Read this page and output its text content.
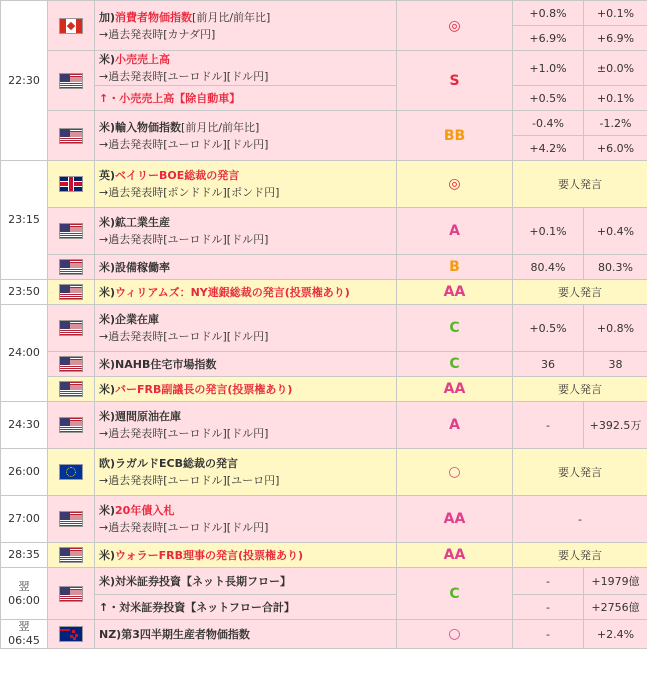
22:30		加)消費者物価指数[前月比/前年比]
→過去発表時[カナダ円]	◎	+0.8%	+0.1%
				+6.9%	+6.9%

		米)小売売上高
→過去発表時[ユーロドル][ドル円]	S	+1.0%	±0.0%
		↑・小売売上高【除自動車】		+0.5%	+0.1%

		米)輸入物価指数[前月比/前年比]
→過去発表時[ユーロドル][ドル円]	BB	-0.4%	-1.2%
				+4.2%	+6.0%
23:15		英)ベイリーBOE総裁の発言
→過去発表時[ポンドドル][ポンド円]	◎	要人発言	

		米)鉱工業生産
→過去発表時[ユーロドル][ドル円]	A	+0.1%	+0.4%

		米)設備稼働率	B	80.4%	80.3%
23:50		米)ウィリアムズ：NY連銀総裁の発言(投票権あり)	AA	要人発言	
24:00		米)企業在庫
→過去発表時[ユーロドル][ドル円]	C	+0.5%	+0.8%

		米)NAHB住宅市場指数	C	36	38

		米)バーFRB副議長の発言(投票権あり)	AA	要人発言	
24:30		米)週間原油在庫
→過去発表時[ユーロドル][ドル円]	A	-	+392.5万
26:00		欧)ラガルドECB総裁の発言
→過去発表時[ユーロドル][ユーロ円]	○	要人発言	
27:00		米)20年債入札
→過去発表時[ユーロドル][ドル円]	AA	-	
28:35		米)ウォラーFRB理事の発言(投票権あり)	AA	要人発言	
翌
06:00		米)対米証券投資【ネット長期フロー】	C	-	+1979億
		↑・対米証券投資【ネットフロー合計】		-	+2756億
翌
06:45		NZ)第3四半期生産者物価指数	○	-	+2.4%
